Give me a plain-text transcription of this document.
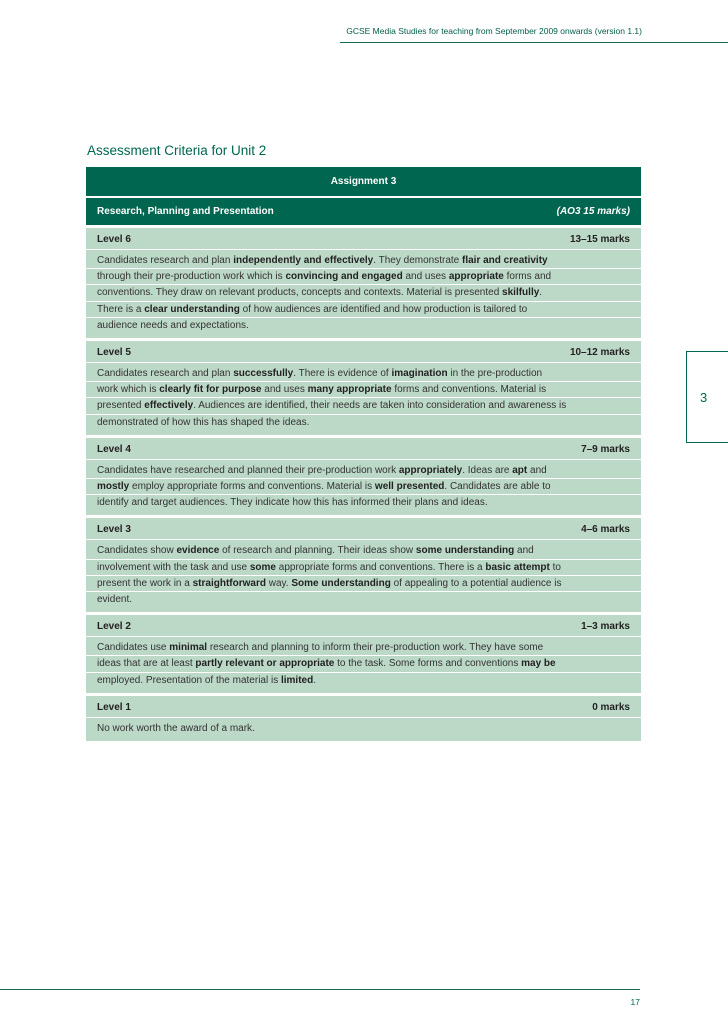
GCSE Media Studies for teaching from September 2009 onwards (version 1.1)
Assessment Criteria for Unit 2
Assignment 3
Research, Planning and Presentation	(AO3 15 marks)
Level 6	13–15 marks
Candidates research and plan independently and effectively. They demonstrate flair and creativity
through their pre-production work which is convincing and engaged and uses appropriate forms and
conventions. They draw on relevant products, concepts and contexts. Material is presented skilfully.
There is a clear understanding of how audiences are identified and how production is tailored to
audience needs and expectations.
Level 5	10–12 marks
Candidates research and plan successfully. There is evidence of imagination in the pre-production
work which is clearly fit for purpose and uses many appropriate forms and conventions. Material is
presented effectively. Audiences are identified, their needs are taken into consideration and awareness is
demonstrated of how this has shaped the ideas.
Level 4	7–9 marks
Candidates have researched and planned their pre-production work appropriately. Ideas are apt and
mostly employ appropriate forms and conventions. Material is well presented. Candidates are able to
identify and target audiences. They indicate how this has informed their plans and ideas.
Level 3	4–6 marks
Candidates show evidence of research and planning. Their ideas show some understanding and
involvement with the task and use some appropriate forms and conventions. There is a basic attempt to
present the work in a straightforward way. Some understanding of appealing to a potential audience is
evident.
Level 2	1–3 marks
Candidates use minimal research and planning to inform their pre-production work. They have some
ideas that are at least partly relevant or appropriate to the task. Some forms and conventions may be
employed. Presentation of the material is limited.
Level 1	0 marks
No work worth the award of a mark.
3
17
